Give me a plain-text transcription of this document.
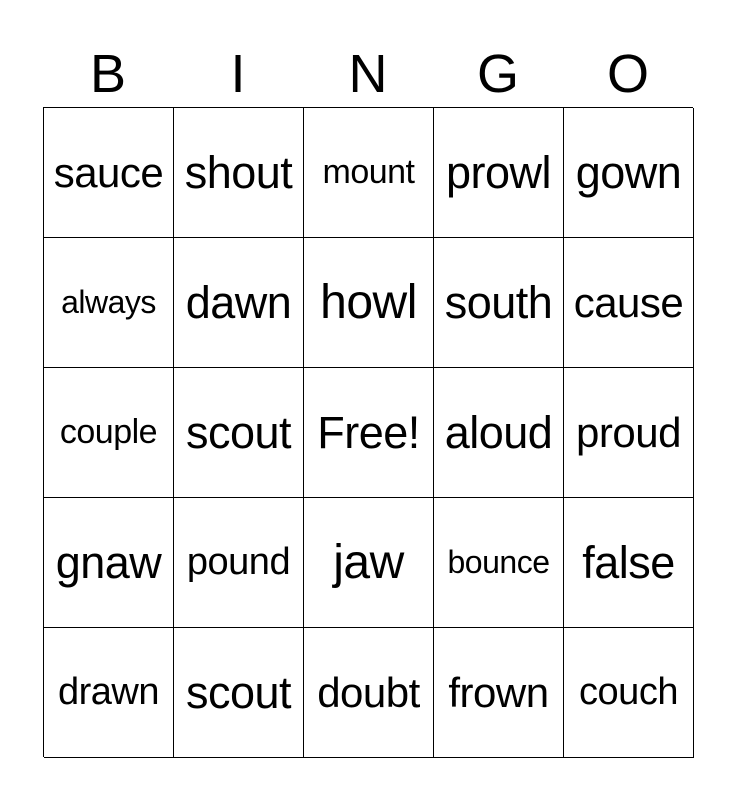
B	I	N	G	O
sauce shout mount prowl gown
always dawn howl south cause
couple scout Free! aloud proud
gnaw pound jaw	bounce false
drawn scout doubt frown couch
